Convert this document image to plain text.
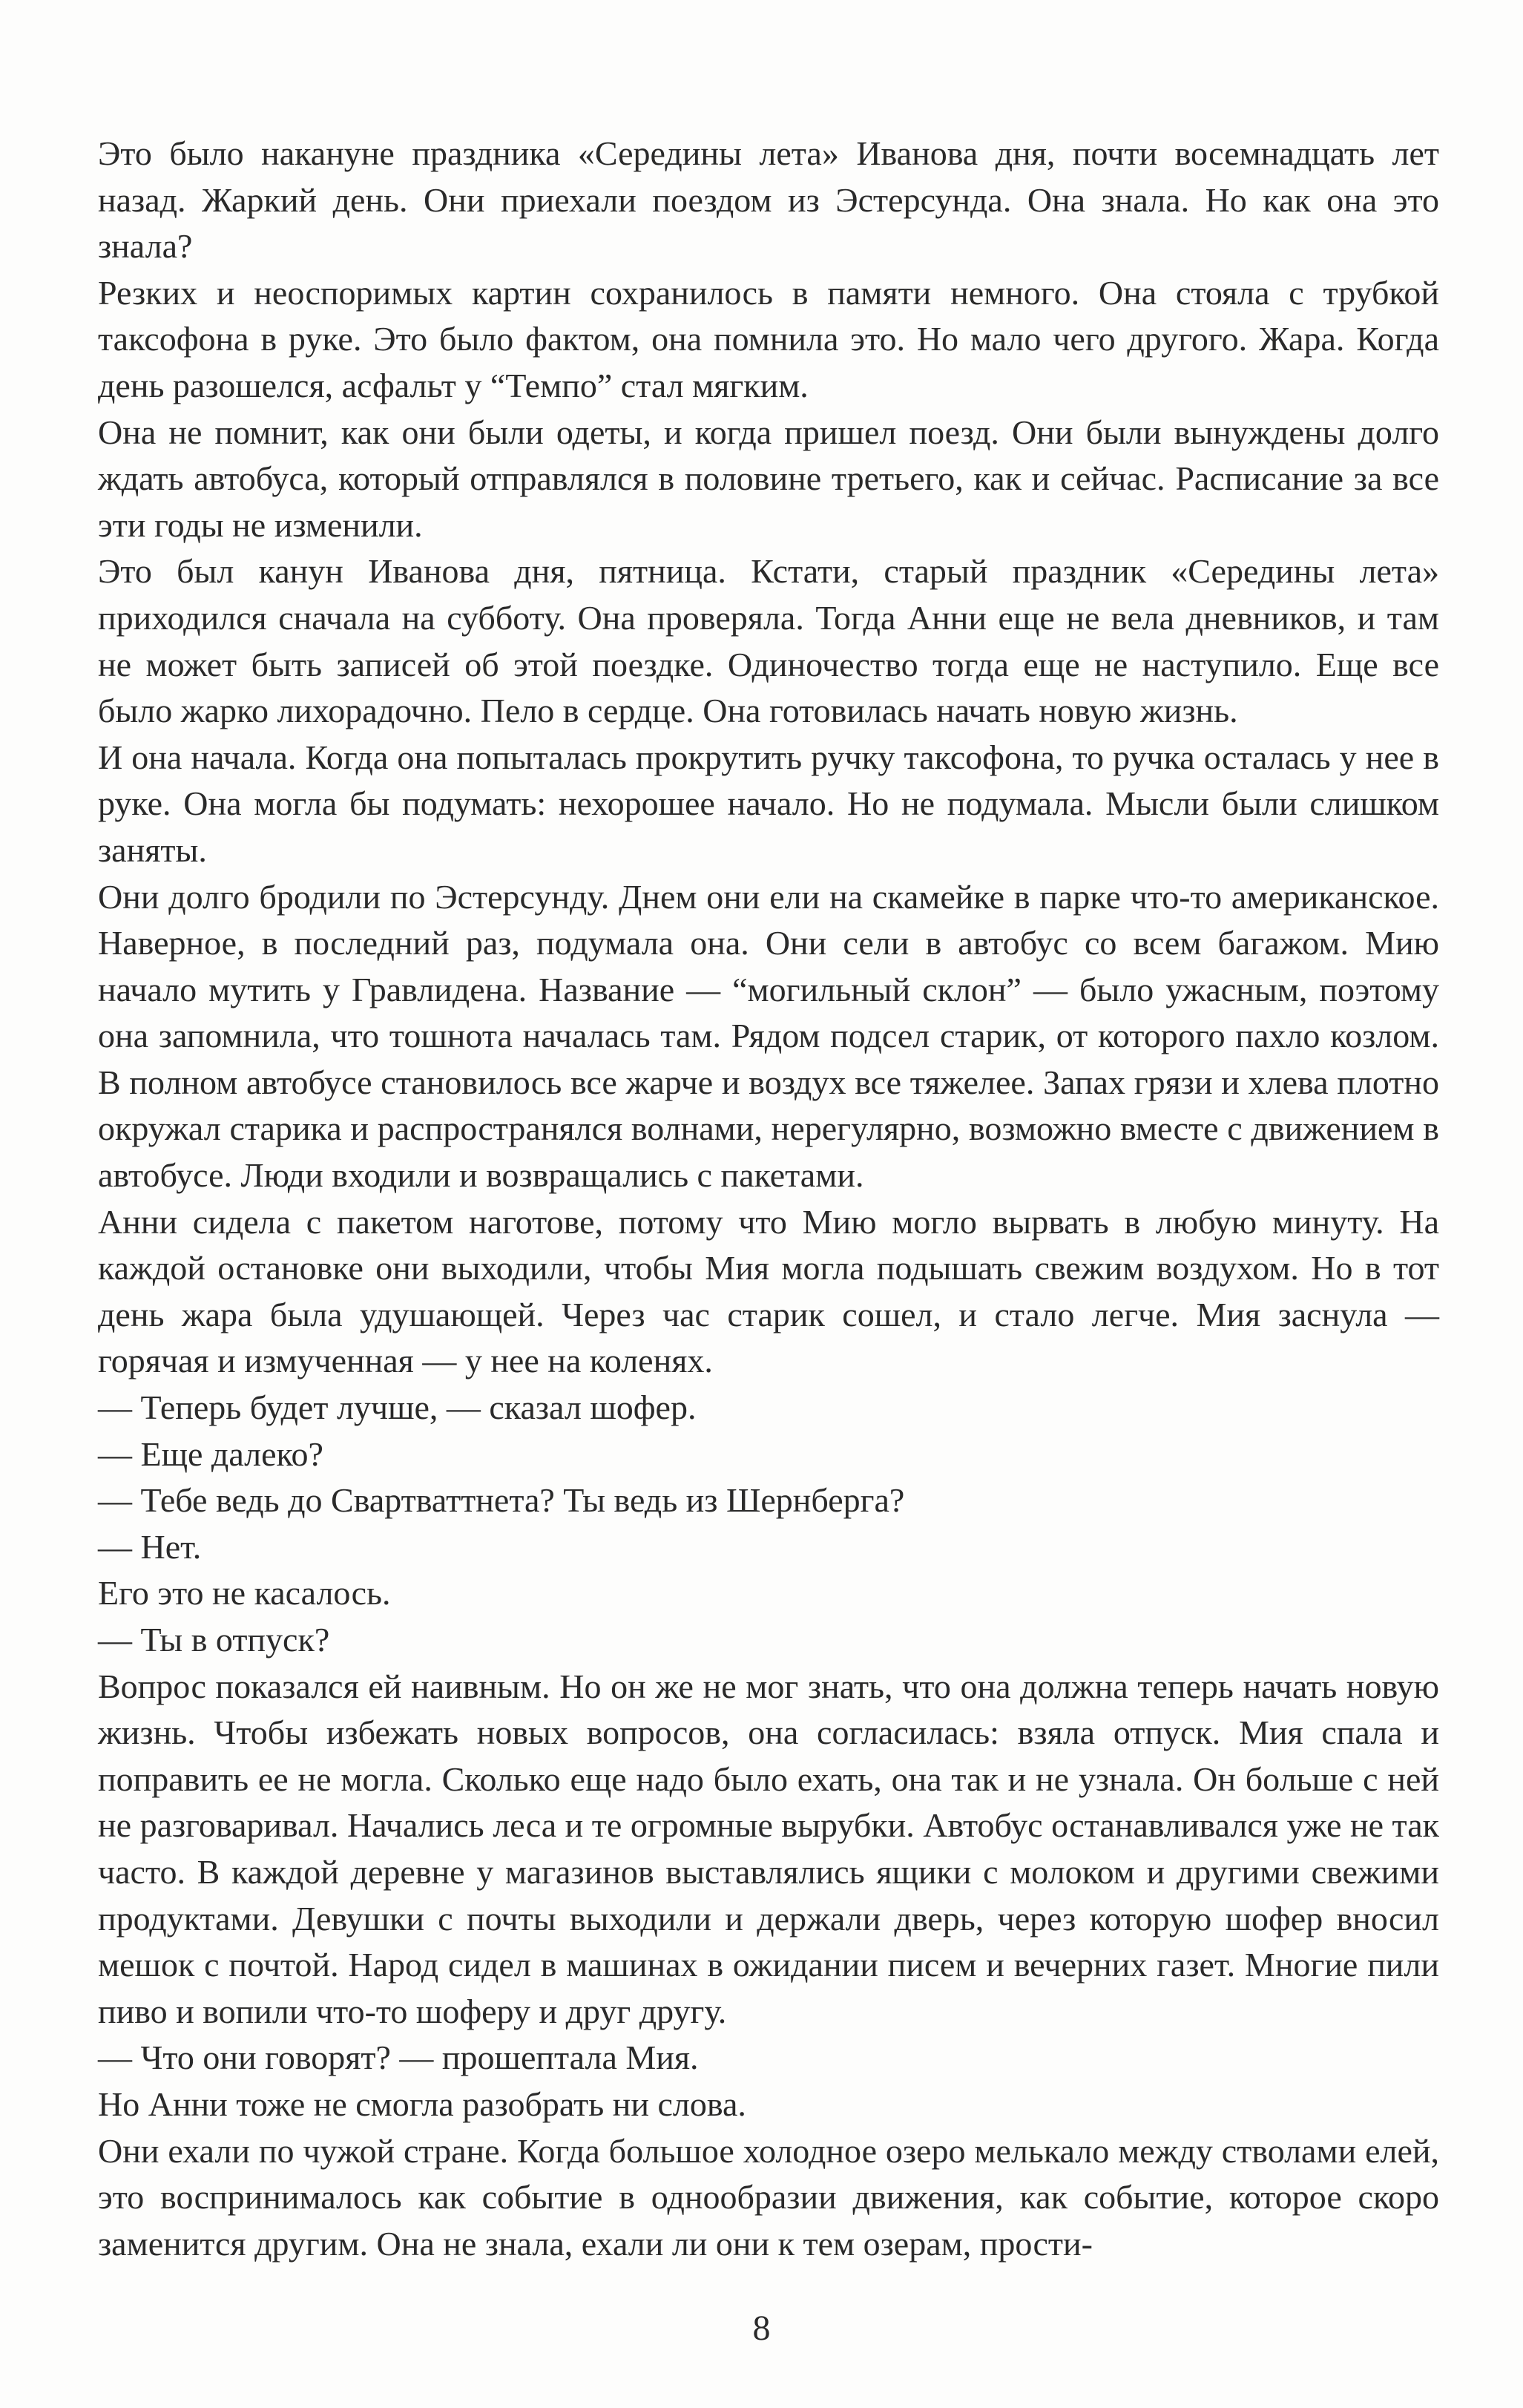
Это было накануне праздника «Середины лета» Иванова дня, почти восемнадцать лет назад. Жаркий день. Они приехали поездом из Эстерсунда. Она знала. Но как она это знала?

Резких и неоспоримых картин сохранилось в памяти немного. Она стояла с трубкой таксофона в руке. Это было фактом, она помнила это. Но мало чего другого. Жара. Когда день разошелся, асфальт у “Темпо” стал мягким.

Она не помнит, как они были одеты, и когда пришел поезд. Они были вынуждены долго ждать автобуса, который отправлялся в половине третьего, как и сейчас. Расписание за все эти годы не изменили.

Это был канун Иванова дня, пятница. Кстати, старый праздник «Середины лета» приходился сначала на субботу. Она проверяла. Тогда Анни еще не вела дневников, и там не может быть записей об этой поездке. Одиночество тогда еще не наступило. Еще все было жарко лихорадочно. Пело в сердце. Она готовилась начать новую жизнь.

И она начала. Когда она попыталась прокрутить ручку таксофона, то ручка осталась у нее в руке. Она могла бы подумать: нехорошее начало. Но не подумала. Мысли были слишком заняты.

Они долго бродили по Эстерсунду. Днем они ели на скамейке в парке что-то американское. Наверное, в последний раз, подумала она. Они сели в автобус со всем багажом. Мию начало мутить у Гравлидена. Название — “могильный склон” — было ужасным, поэтому она запомнила, что тошнота началась там. Рядом подсел старик, от которого пахло козлом. В полном автобусе становилось все жарче и воздух все тяжелее. Запах грязи и хлева плотно окружал старика и распространялся волнами, нерегулярно, возможно вместе с движением в автобусе. Люди входили и возвращались с пакетами.

Анни сидела с пакетом наготове, потому что Мию могло вырвать в любую минуту. На каждой остановке они выходили, чтобы Мия могла подышать свежим воздухом. Но в тот день жара была удушающей. Через час старик сошел, и стало легче. Мия заснула — горячая и измученная — у нее на коленях.

— Теперь будет лучше, — сказал шофер.

— Еще далеко?

— Тебе ведь до Свартваттнета? Ты ведь из Шернберга?

— Нет.

Его это не касалось.

— Ты в отпуск?

Вопрос показался ей наивным. Но он же не мог знать, что она должна теперь начать новую жизнь. Чтобы избежать новых вопросов, она согласилась: взяла отпуск. Мия спала и поправить ее не могла. Сколько еще надо было ехать, она так и не узнала. Он больше с ней не разговаривал. Начались леса и те огромные вырубки. Автобус останавливался уже не так часто. В каждой деревне у магазинов выставлялись ящики с молоком и другими свежими продуктами. Девушки с почты выходили и держали дверь, через которую шофер вносил мешок с почтой. Народ сидел в машинах в ожидании писем и вечерних газет. Многие пили пиво и вопили что-то шоферу и друг другу.

— Что они говорят? — прошептала Мия.

Но Анни тоже не смогла разобрать ни слова.

Они ехали по чужой стране. Когда большое холодное озеро мелькало между стволами елей, это воспринималось как событие в однообразии движения, как событие, которое скоро заменится другим. Она не знала, ехали ли они к тем озерам, прости-

8
